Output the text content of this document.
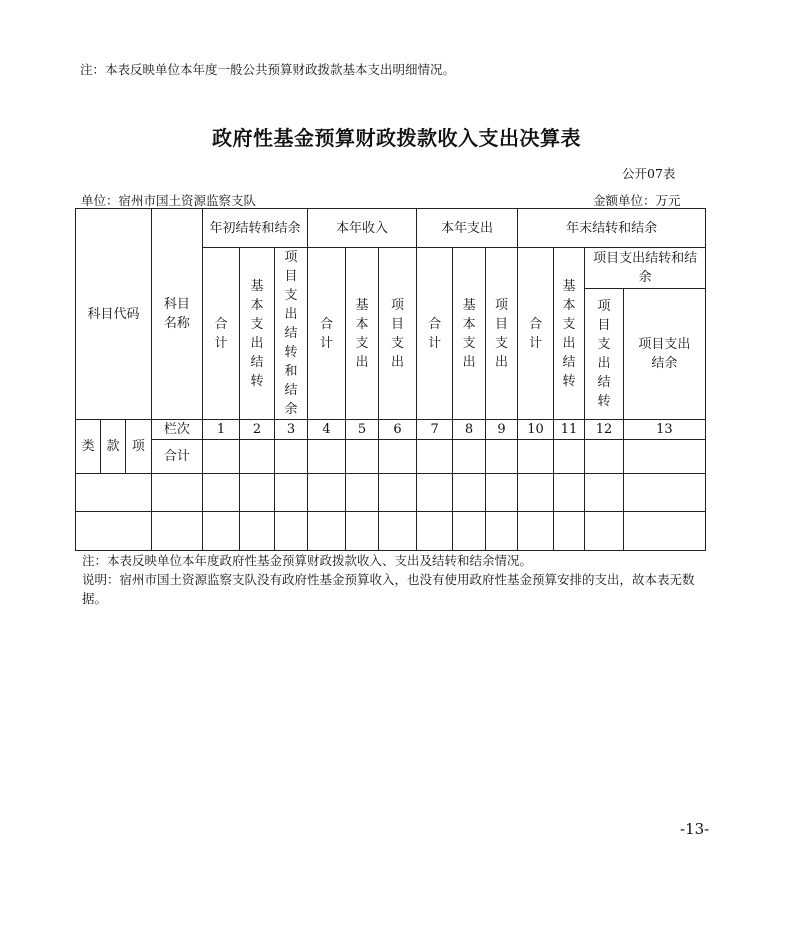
注：本表反映单位本年度一般公共预算财政拨款基本支出明细情况。
政府性基金预算财政拨款收入支出决算表
公开07表
单位：宿州市国土资源监察支队	金额单位：万元
科目代码			科目名称	年初结转和结余			本年收入			本年支出			年末结转和结余			
				合计	基本支出结转	项目支出结转和结余	合计	基本支出	项目支出	合计	基本支出	项目支出	合计	基本支出结转	项目支出结转和结余	
															项目支出结转	项目支出结余
类	款	项	栏次	1	2	3	4	5	6	7	8	9	10	11	12	13
			合计													

注：本表反映单位本年度政府性基金预算财政拨款收入、支出及结转和结余情况。
说明：宿州市国土资源监察支队没有政府性基金预算收入，也没有使用政府性基金预算安排的支出，故本表无数据。
-13-
